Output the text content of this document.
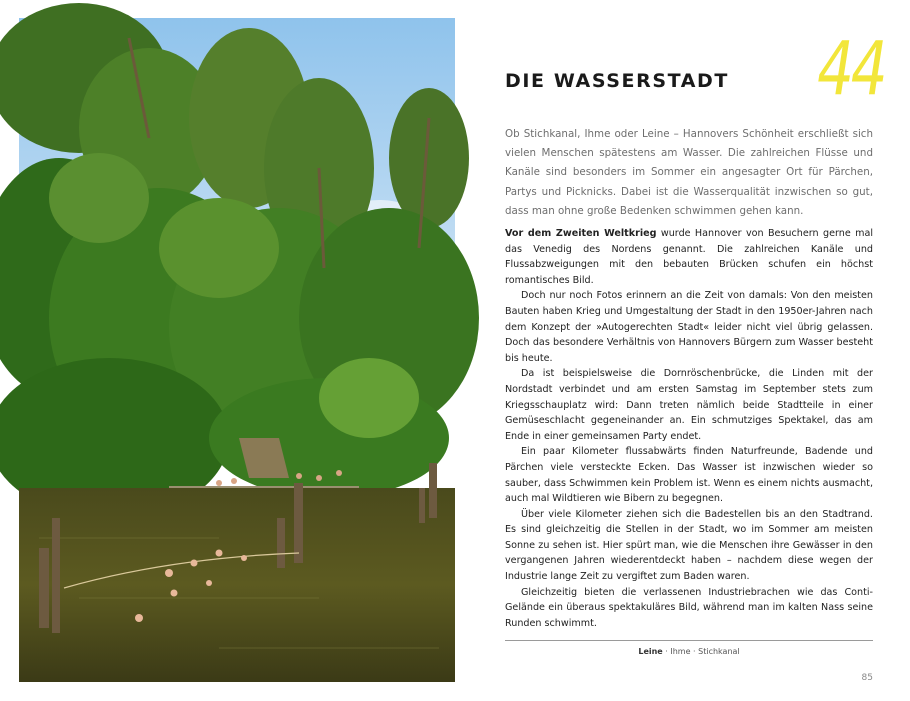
44
DIE WASSERSTADT

Ob Stichkanal, Ihme oder Leine – Hannovers Schönheit erschließt sich vielen Menschen spätestens am Wasser. Die zahlreichen Flüsse und Kanäle sind besonders im Sommer ein angesagter Ort für Pärchen, Partys und Picknicks. Dabei ist die Wasserqualität inzwischen so gut, dass man ohne große Bedenken schwimmen gehen kann.

Vor dem Zweiten Weltkrieg wurde Hannover von Besuchern gerne mal das Venedig des Nordens genannt. Die zahlreichen Kanäle und Flussabzweigungen mit den bebauten Brücken schufen ein höchst romantisches Bild.

Doch nur noch Fotos erinnern an die Zeit von damals: Von den meisten Bauten haben Krieg und Umgestaltung der Stadt in den 1950er-Jahren nach dem Konzept der »Autogerechten Stadt« leider nicht viel übrig gelassen. Doch das besondere Verhältnis von Hannovers Bürgern zum Wasser besteht bis heute.

Da ist beispielsweise die Dornröschenbrücke, die Linden mit der Nordstadt verbindet und am ersten Samstag im September stets zum Kriegsschauplatz wird: Dann treten nämlich beide Stadtteile in einer Gemüseschlacht gegeneinander an. Ein schmutziges Spektakel, das am Ende in einer gemeinsamen Party endet.

Ein paar Kilometer flussabwärts finden Naturfreunde, Badende und Pärchen viele versteckte Ecken. Das Wasser ist inzwischen wieder so sauber, dass Schwimmen kein Problem ist. Wenn es einem nichts ausmacht, auch mal Wildtieren wie Bibern zu begegnen.

Über viele Kilometer ziehen sich die Badestellen bis an den Stadtrand. Es sind gleichzeitig die Stellen in der Stadt, wo im Sommer am meisten Sonne zu sehen ist. Hier spürt man, wie die Menschen ihre Gewässer in den vergangenen Jahren wiederentdeckt haben – nachdem diese wegen der Industrie lange Zeit zu vergiftet zum Baden waren.

Gleichzeitig bieten die verlassenen Industriebrachen wie das Conti-Gelände ein überaus spektakuläres Bild, während man im kalten Nass seine Runden schwimmt.

Leine · Ihme · Stichkanal
85
